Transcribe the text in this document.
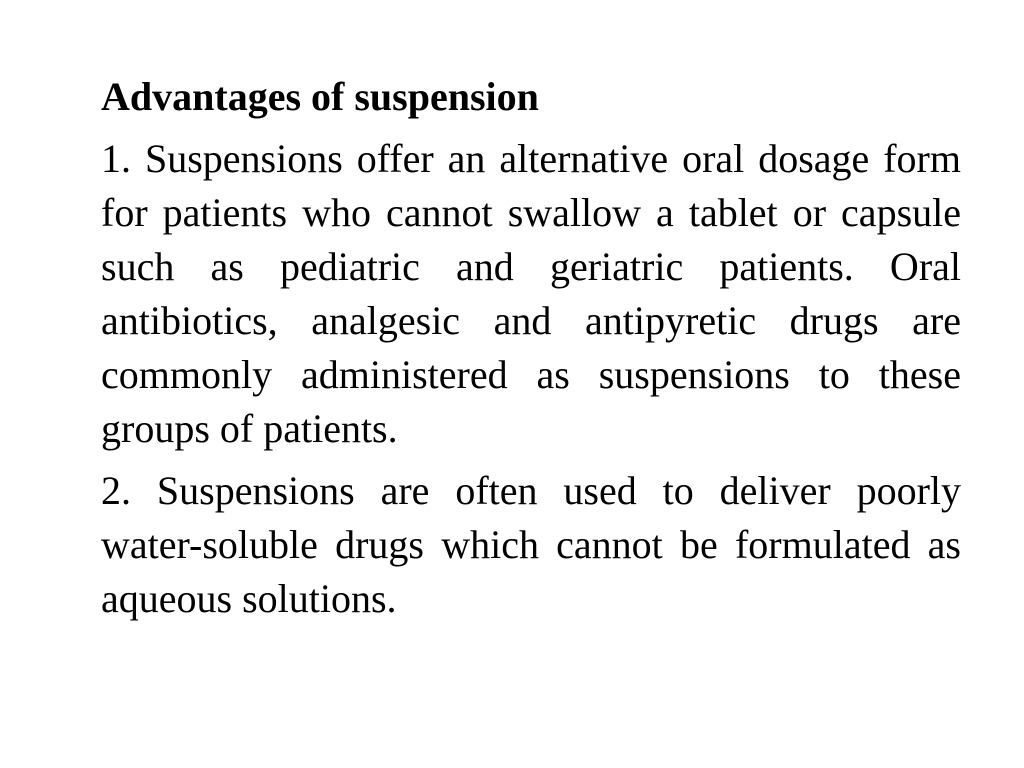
Advantages of suspension

1. Suspensions offer an alternative oral dosage form for patients who cannot swallow a tablet or capsule such as pediatric and geriatric patients. Oral antibiotics, analgesic and antipyretic drugs are commonly administered as suspensions to these groups of patients.

2. Suspensions are often used to deliver poorly water-soluble drugs which cannot be formulated as aqueous solutions.
